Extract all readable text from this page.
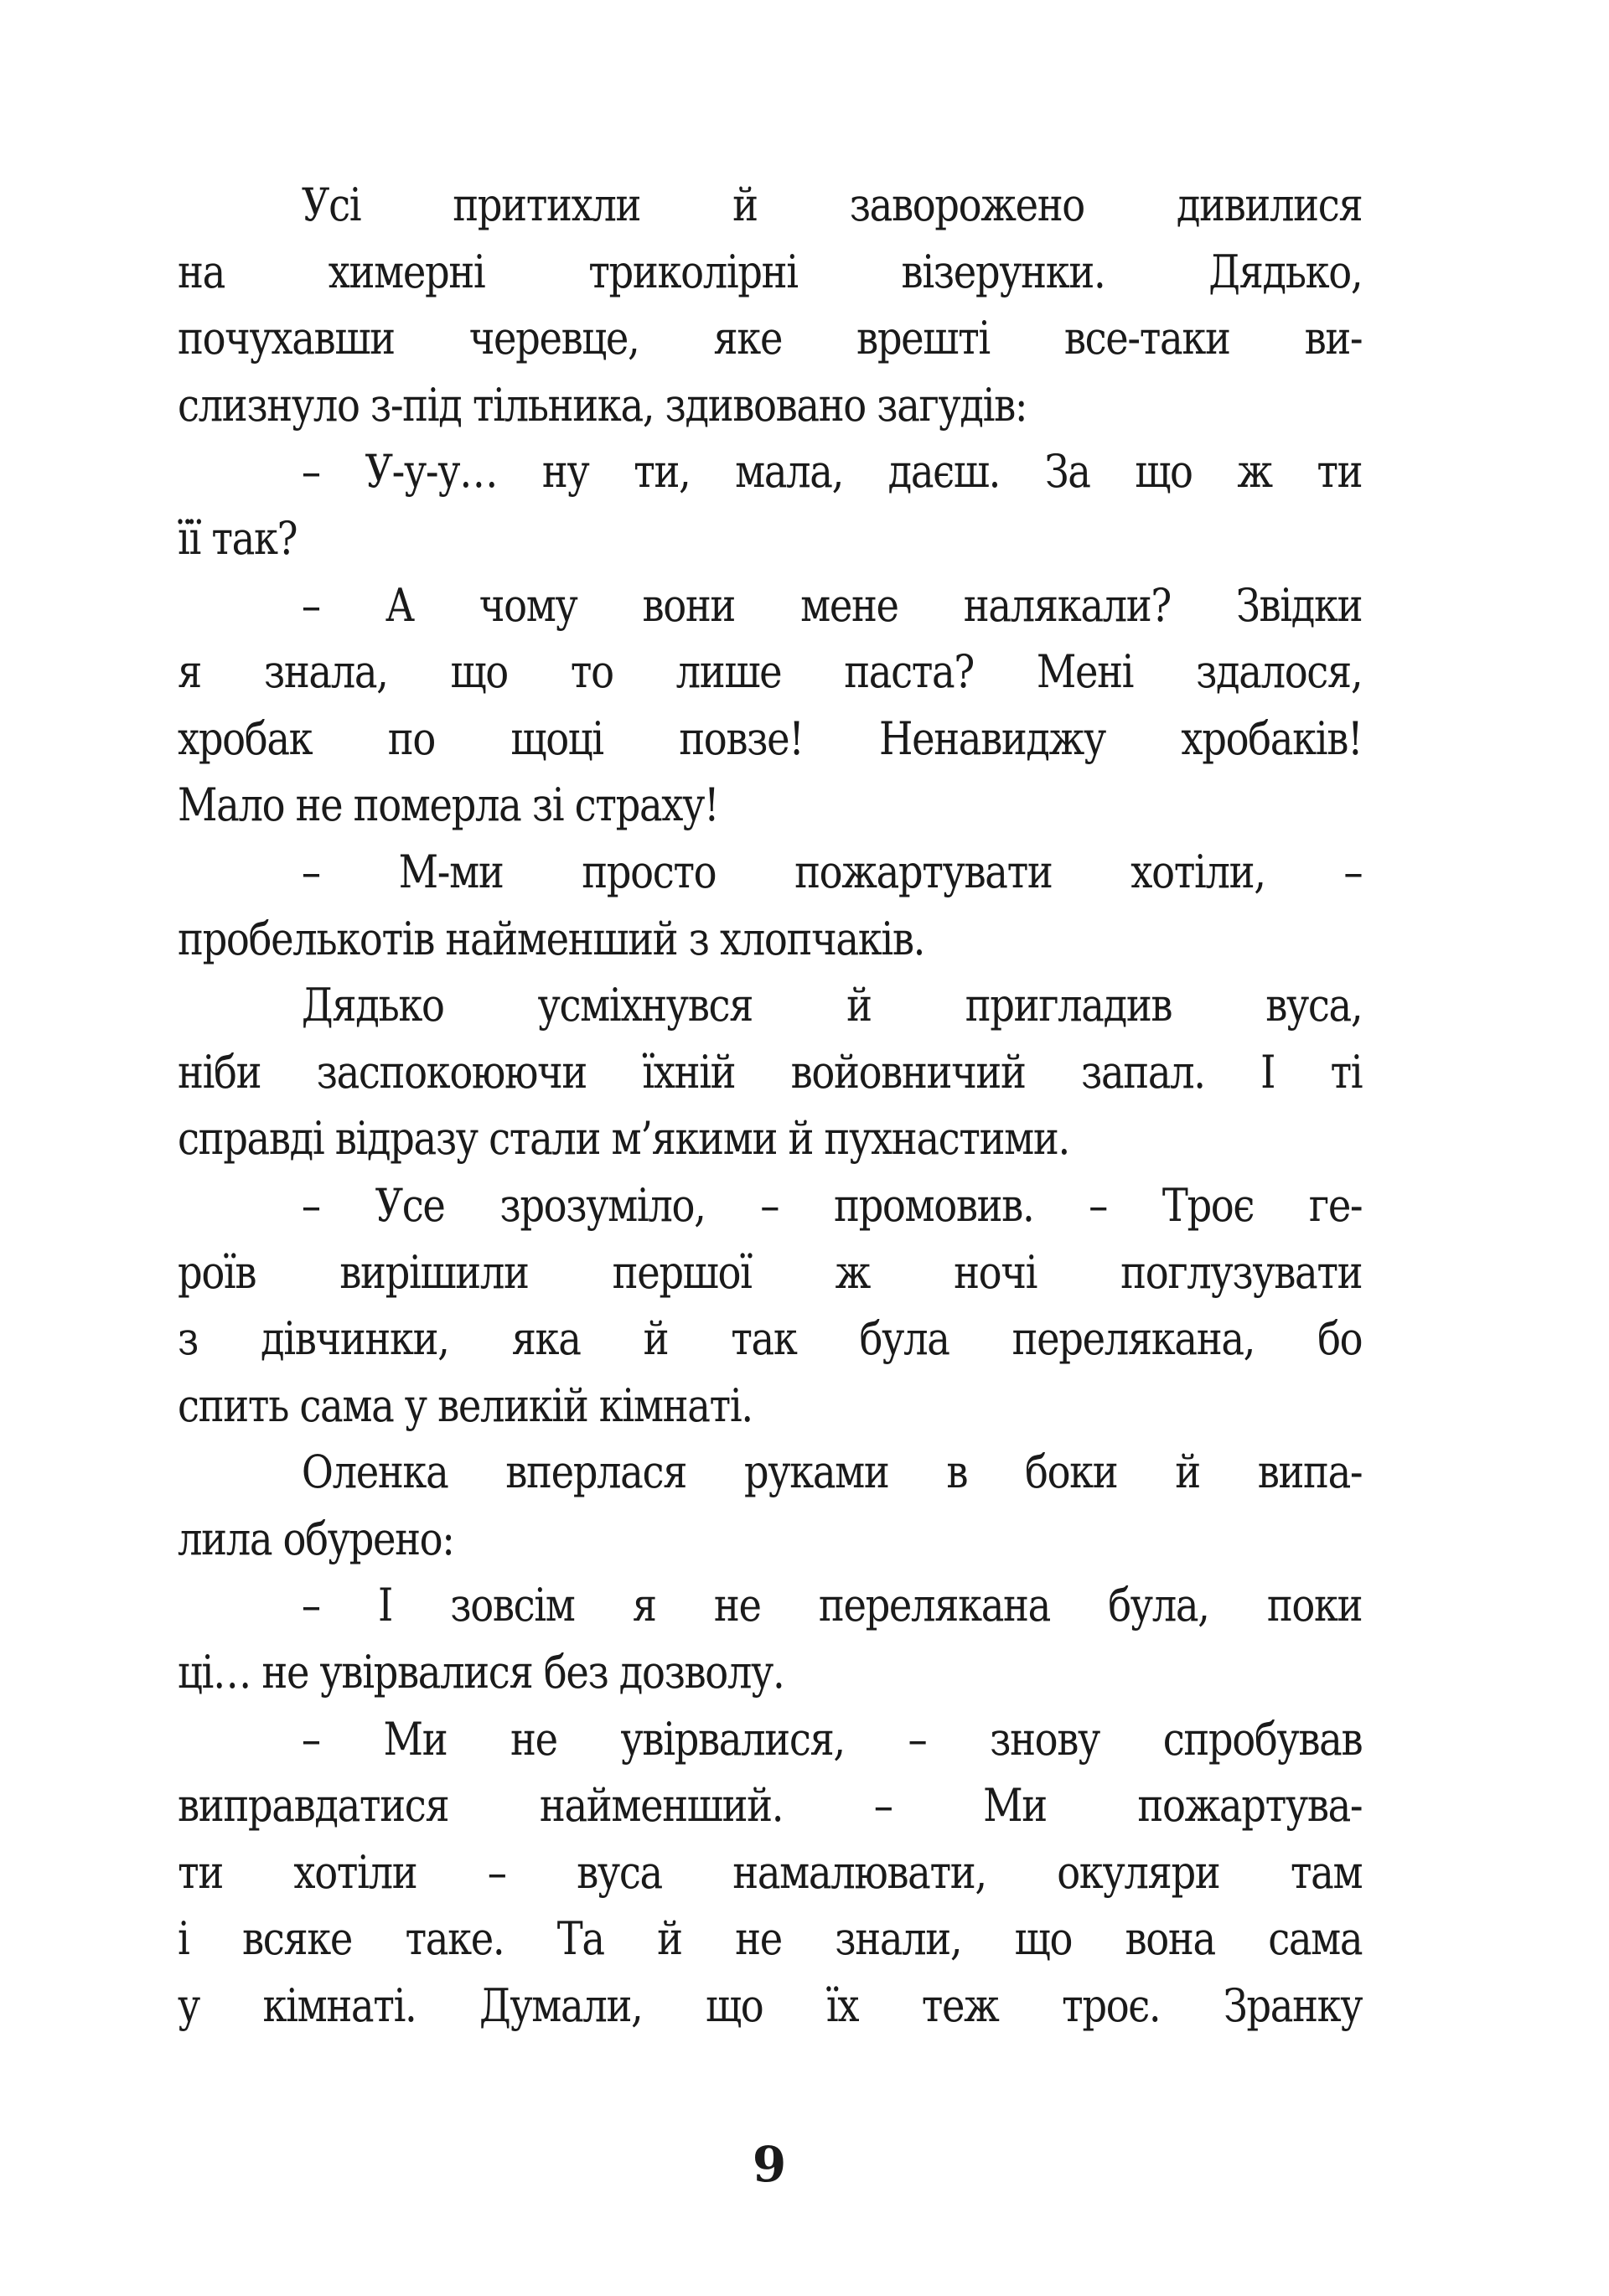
Усі притихли й заворожено дивилися
на химерні триколірні візерунки. Дядько,
почухавши черевце, яке врешті все-таки ви-
слизнуло з-під тільника, здивовано загудів:
– У-у-у… ну ти, мала, даєш. За що ж ти
її так?
– А чому вони мене налякали? Звідки
я знала, що то лише паста? Мені здалося,
хробак по щоці повзе! Ненавиджу хробаків!
Мало не померла зі страху!
– М-ми просто пожартувати хотіли, –
пробелькотів найменший з хлопчаків.
Дядько усміхнувся й пригладив вуса,
ніби заспокоюючи їхній войовничий запал. І ті
справді відразу стали м’якими й пухнастими.
– Усе зрозуміло, – промовив. – Троє ге-
роїв вирішили першої ж ночі поглузувати
з дівчинки, яка й так була перелякана, бо
спить сама у великій кімнаті.
Оленка вперлася руками в боки й випа-
лила обурено:
– І зовсім я не перелякана була, поки
ці… не увірвалися без дозволу.
– Ми не увірвалися, – знову спробував
виправдатися найменший. – Ми пожартува-
ти хотіли – вуса намалювати, окуляри там
і всяке таке. Та й не знали, що вона сама
у кімнаті. Думали, що їх теж троє. Зранку
9
